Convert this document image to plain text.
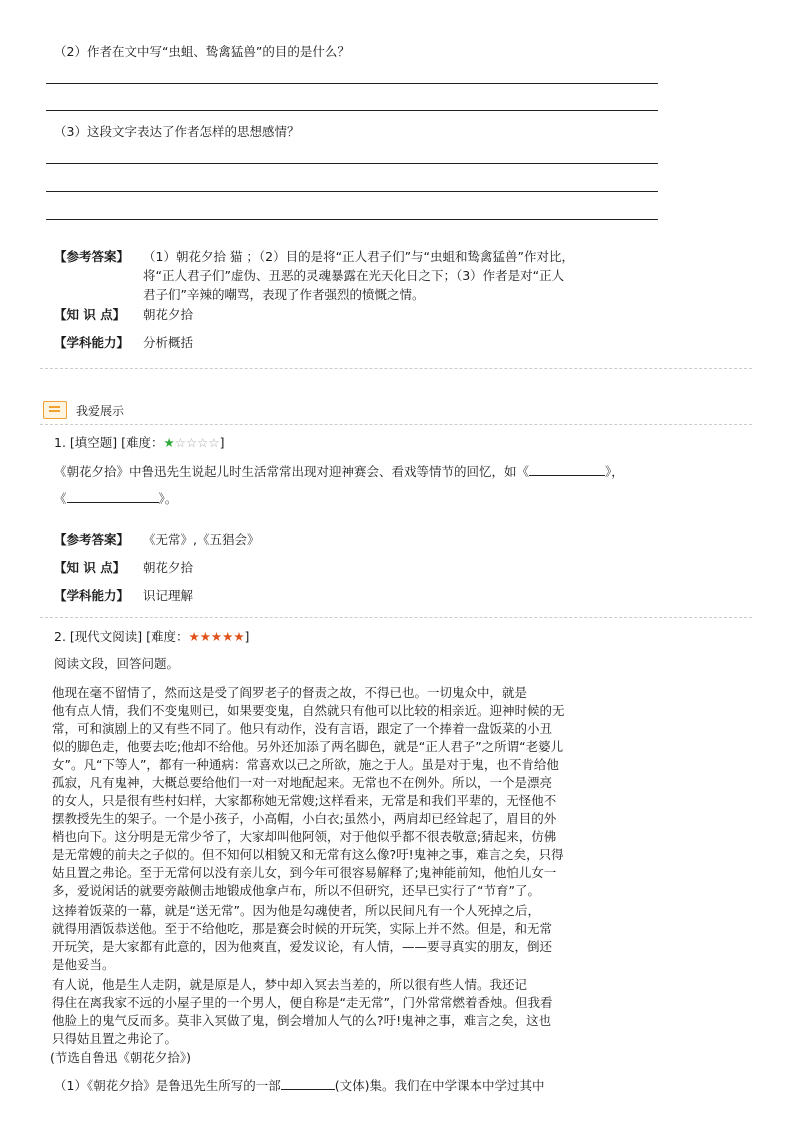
（2）作者在文中写“虫蛆、鸷禽猛兽”的目的是什么？
（3）这段文字表达了作者怎样的思想感情？
【参考答案】 （1）朝花夕拾 猫 ；（2）目的是将“正人君子们”与“虫蛆和鸷禽猛兽”作对比，
将“正人君子们”虚伪、丑恶的灵魂暴露在光天化日之下；（3）作者是对“正人
君子们”辛辣的嘲骂，表现了作者强烈的愤慨之情。
【知 识 点】 朝花夕拾
【学科能力】 分析概括
我爱展示
1. [填空题] [难度：★☆☆☆☆]
《朝花夕拾》中鲁迅先生说起儿时生活常常出现对迎神赛会、看戏等情节的回忆，如《	》，
《	》。
【参考答案】 《无常》,《五猖会》
【知 识 点】 朝花夕拾
【学科能力】 识记理解
2. [现代文阅读] [难度：★★★★★]
阅读文段，回答问题。
他现在毫不留情了，然而这是受了阎罗老子的督责之故，不得已也。一切鬼众中，就是
他有点人情，我们不变鬼则已，如果要变鬼，自然就只有他可以比较的相亲近。迎神时候的无
常，可和演剧上的又有些不同了。他只有动作，没有言语，跟定了一个捧着一盘饭菜的小丑
似的脚色走，他要去吃;他却不给他。另外还加添了两名脚色，就是“正人君子”之所谓“老婆儿
女”。凡“下等人”，都有一种通病：常喜欢以己之所欲，施之于人。虽是对于鬼，也不肯给他
孤寂，凡有鬼神，大概总要给他们一对一对地配起来。无常也不在例外。所以，一个是漂亮
的女人，只是很有些村妇样，大家都称她无常嫂;这样看来，无常是和我们平辈的，无怪他不
摆教授先生的架子。一个是小孩子，小高帽，小白衣;虽然小，两肩却已经耸起了，眉目的外
梢也向下。这分明是无常少爷了，大家却叫他阿领，对于他似乎都不很表敬意;猜起来，仿佛
是无常嫂的前夫之子似的。但不知何以相貌又和无常有这么像?吁!鬼神之事，难言之矣，只得
姑且置之弗论。至于无常何以没有亲儿女，到今年可很容易解释了;鬼神能前知，他怕儿女一
多，爱说闲话的就要旁敲侧击地锻成他拿卢布，所以不但研究，还早已实行了“节育”了。
这捧着饭菜的一幕，就是“送无常”。因为他是勾魂使者，所以民间凡有一个人死掉之后，
就得用酒饭恭送他。至于不给他吃，那是赛会时候的开玩笑，实际上并不然。但是，和无常
开玩笑，是大家都有此意的，因为他爽直，爱发议论，有人情，——要寻真实的朋友，倒还
是他妥当。
有人说，他是生人走阴，就是原是人，梦中却入冥去当差的，所以很有些人情。我还记
得住在离我家不远的小屋子里的一个男人，便自称是“走无常”，门外常常燃着香烛。但我看
他脸上的鬼气反而多。莫非入冥做了鬼，倒会增加人气的么?吁!鬼神之事，难言之矣，这也
只得姑且置之弗论了。
(节选自鲁迅《朝花夕拾》)
（1）《朝花夕拾》是鲁迅先生所写的一部	(文体)集。我们在中学课本中学过其中
